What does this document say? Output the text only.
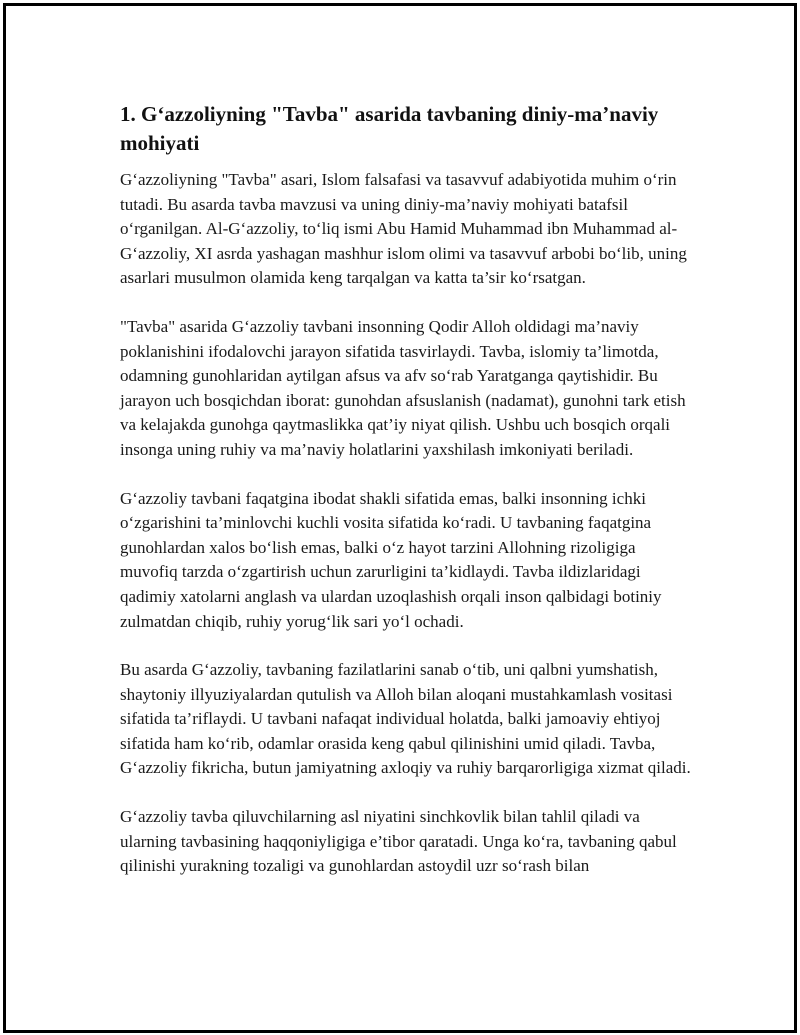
1. G‘azzoliyning "Tavba" asarida tavbaning diniy-ma’naviy mohiyati

G‘azzoliyning "Tavba" asari, Islom falsafasi va tasavvuf adabiyotida muhim o‘rin tutadi. Bu asarda tavba mavzusi va uning diniy-ma’naviy mohiyati batafsil o‘rganilgan. Al-G‘azzoliy, to‘liq ismi Abu Hamid Muhammad ibn Muhammad al-G‘azzoliy, XI asrda yashagan mashhur islom olimi va tasavvuf arbobi bo‘lib, uning asarlari musulmon olamida keng tarqalgan va katta ta’sir ko‘rsatgan.

"Tavba" asarida G‘azzoliy tavbani insonning Qodir Alloh oldidagi ma’naviy poklanishini ifodalovchi jarayon sifatida tasvirlaydi. Tavba, islomiy ta’limotda, odamning gunohlaridan aytilgan afsus va afv so‘rab Yaratganga qaytishidir. Bu jarayon uch bosqichdan iborat: gunohdan afsuslanish (nadamat), gunohni tark etish va kelajakda gunohga qaytmaslikka qat’iy niyat qilish. Ushbu uch bosqich orqali insonga uning ruhiy va ma’naviy holatlarini yaxshilash imkoniyati beriladi.

G‘azzoliy tavbani faqatgina ibodat shakli sifatida emas, balki insonning ichki o‘zgarishini ta’minlovchi kuchli vosita sifatida ko‘radi. U tavbaning faqatgina gunohlardan xalos bo‘lish emas, balki o‘z hayot tarzini Allohning rizoligiga muvofiq tarzda o‘zgartirish uchun zarurligini ta’kidlaydi. Tavba ildizlaridagi qadimiy xatolarni anglash va ulardan uzoqlashish orqali inson qalbidagi botiniy zulmatdan chiqib, ruhiy yorug‘lik sari yo‘l ochadi.

Bu asarda G‘azzoliy, tavbaning fazilatlarini sanab o‘tib, uni qalbni yumshatish, shaytoniy illyuziyalardan qutulish va Alloh bilan aloqani mustahkamlash vositasi sifatida ta’riflaydi. U tavbani nafaqat individual holatda, balki jamoaviy ehtiyoj sifatida ham ko‘rib, odamlar orasida keng qabul qilinishini umid qiladi. Tavba, G‘azzoliy fikricha, butun jamiyatning axloqiy va ruhiy barqarorligiga xizmat qiladi.

G‘azzoliy tavba qiluvchilarning asl niyatini sinchkovlik bilan tahlil qiladi va ularning tavbasining haqqoniyligiga e’tibor qaratadi. Unga ko‘ra, tavbaning qabul qilinishi yurakning tozaligi va gunohlardan astoydil uzr so‘rash bilan
